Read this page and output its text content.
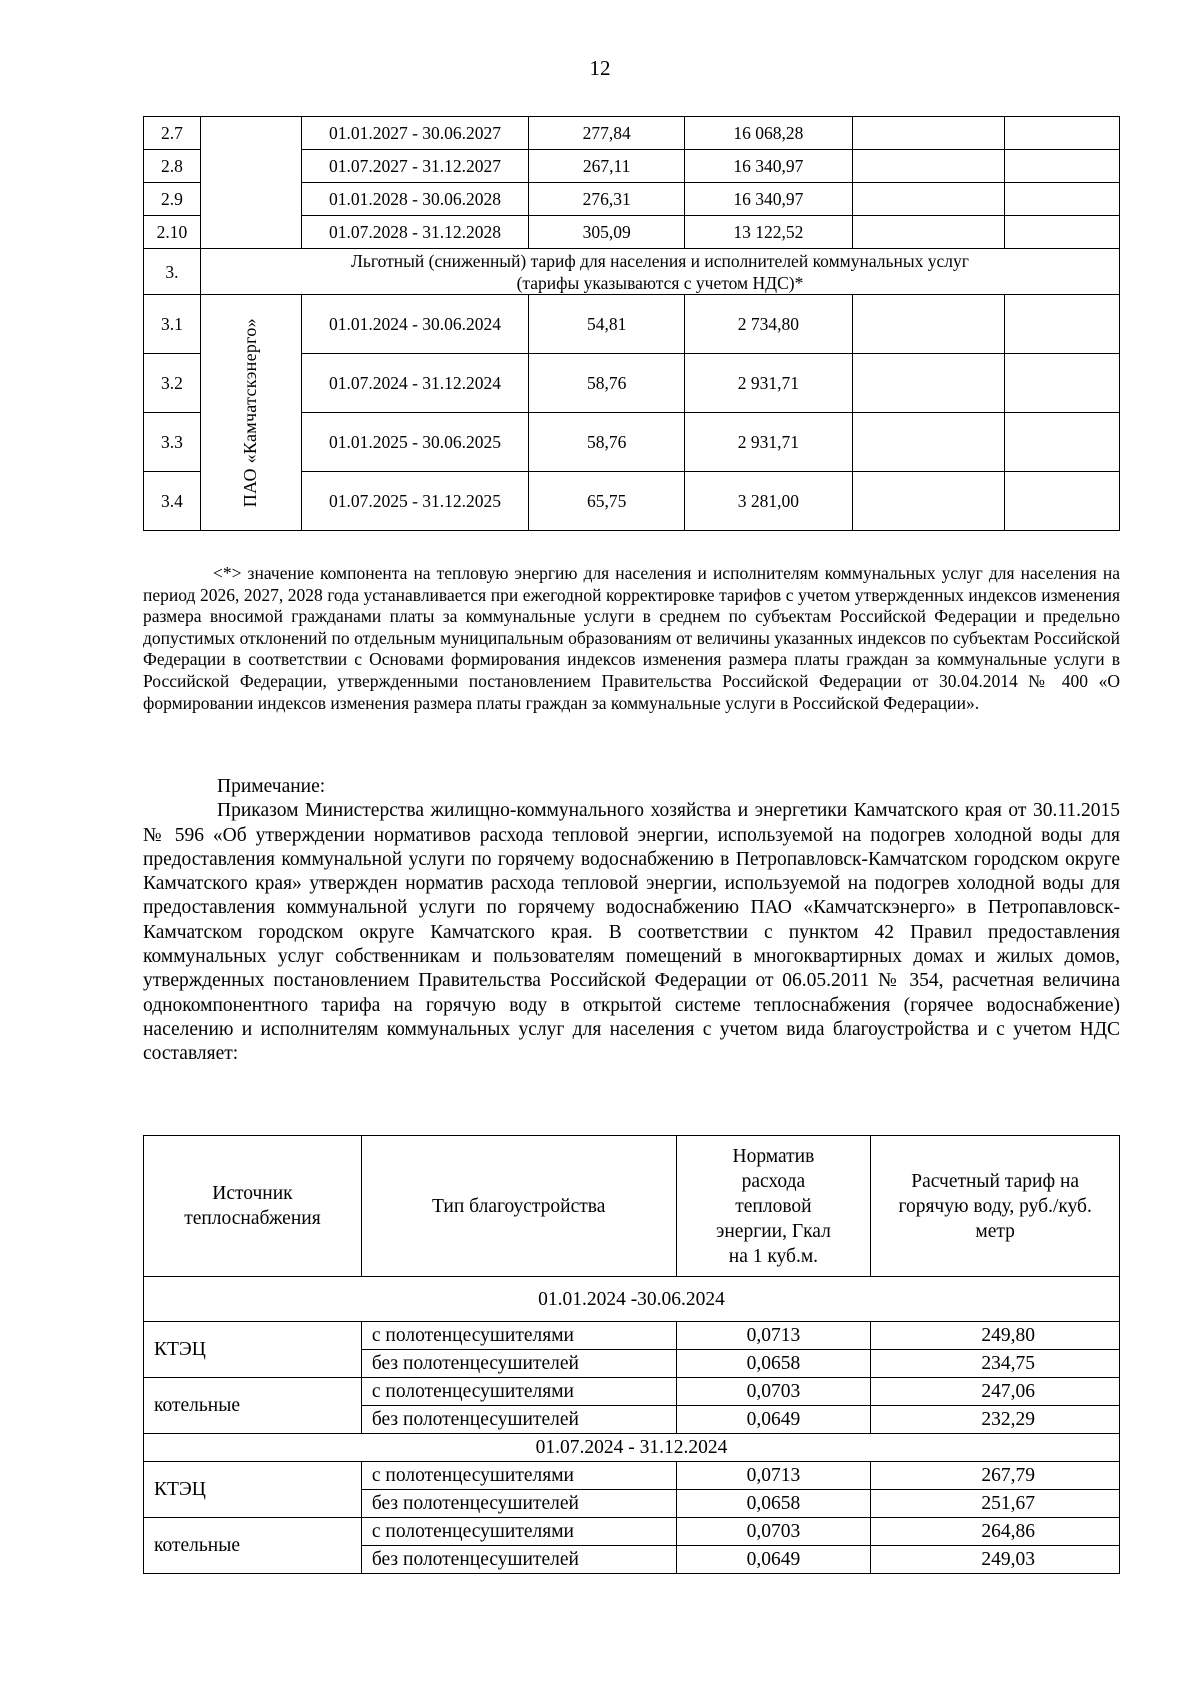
12
2.7		01.01.2027 - 30.06.2027	277,84	16 068,28		
2.8		01.07.2027 - 31.12.2027	267,11	16 340,97		
2.9		01.01.2028 - 30.06.2028	276,31	16 340,97		
2.10		01.07.2028 - 31.12.2028	305,09	13 122,52		
3.	Льготный (сниженный) тариф для населения и исполнителей коммунальных услуг
(тарифы указываются с учетом НДС)*					

3.1	ПАО «Камчатскэнерго»	01.01.2024 - 30.06.2024	54,81	2 734,80		
3.2		01.07.2024 - 31.12.2024	58,76	2 931,71		
3.3		01.01.2025 - 30.06.2025	58,76	2 931,71		
3.4		01.07.2025 - 31.12.2025	65,75	3 281,00		

<*> значение компонента на тепловую энергию для населения и исполнителям коммунальных услуг для населения на период 2026, 2027, 2028 года устанавливается при ежегодной корректировке тарифов с учетом утвержденных индексов изменения размера вносимой гражданами платы за коммунальные услуги в среднем по субъектам Российской Федерации и предельно допустимых отклонений по отдельным муниципальным образованиям от величины указанных индексов по субъектам Российской Федерации в соответствии с Основами формирования индексов изменения размера платы граждан за коммунальные услуги в Российской Федерации, утвержденными постановлением Правительства Российской Федерации от 30.04.2014 № 400 «О формировании индексов изменения размера платы граждан за коммунальные услуги в Российской Федерации».

Примечание:

Приказом Министерства жилищно-коммунального хозяйства и энергетики Камчатского края от 30.11.2015 № 596 «Об утверждении нормативов расхода тепловой энергии, используемой на подогрев холодной воды для предоставления коммунальной услуги по горячему водоснабжению в Петропавловск-Камчатском городском округе Камчатского края» утвержден норматив расхода тепловой энергии, используемой на подогрев холодной воды для предоставления коммунальной услуги по горячему водоснабжению ПАО «Камчатскэнерго» в Петропавловск-Камчатском городском округе Камчатского края. В соответствии с пунктом 42 Правил предоставления коммунальных услуг собственникам и пользователям помещений в многоквартирных домах и жилых домов, утвержденных постановлением Правительства Российской Федерации от 06.05.2011 № 354, расчетная величина однокомпонентного тарифа на горячую воду в открытой системе теплоснабжения (горячее водоснабжение) населению и исполнителям коммунальных услуг для населения с учетом вида благоустройства и с учетом НДС составляет:

Источник теплоснабжения	Тип благоустройства	Норматив расхода тепловой энергии, Гкал на 1 куб.м.	Расчетный тариф на горячую воду, руб./куб. метр
01.01.2024 -30.06.2024			
КТЭЦ	с полотенцесушителями	0,0713	249,80
	без полотенцесушителей	0,0658	234,75
котельные	с полотенцесушителями	0,0703	247,06
	без полотенцесушителей	0,0649	232,29
01.07.2024 - 31.12.2024			
КТЭЦ	с полотенцесушителями	0,0713	267,79
	без полотенцесушителей	0,0658	251,67
котельные	с полотенцесушителями	0,0703	264,86
	без полотенцесушителей	0,0649	249,03
